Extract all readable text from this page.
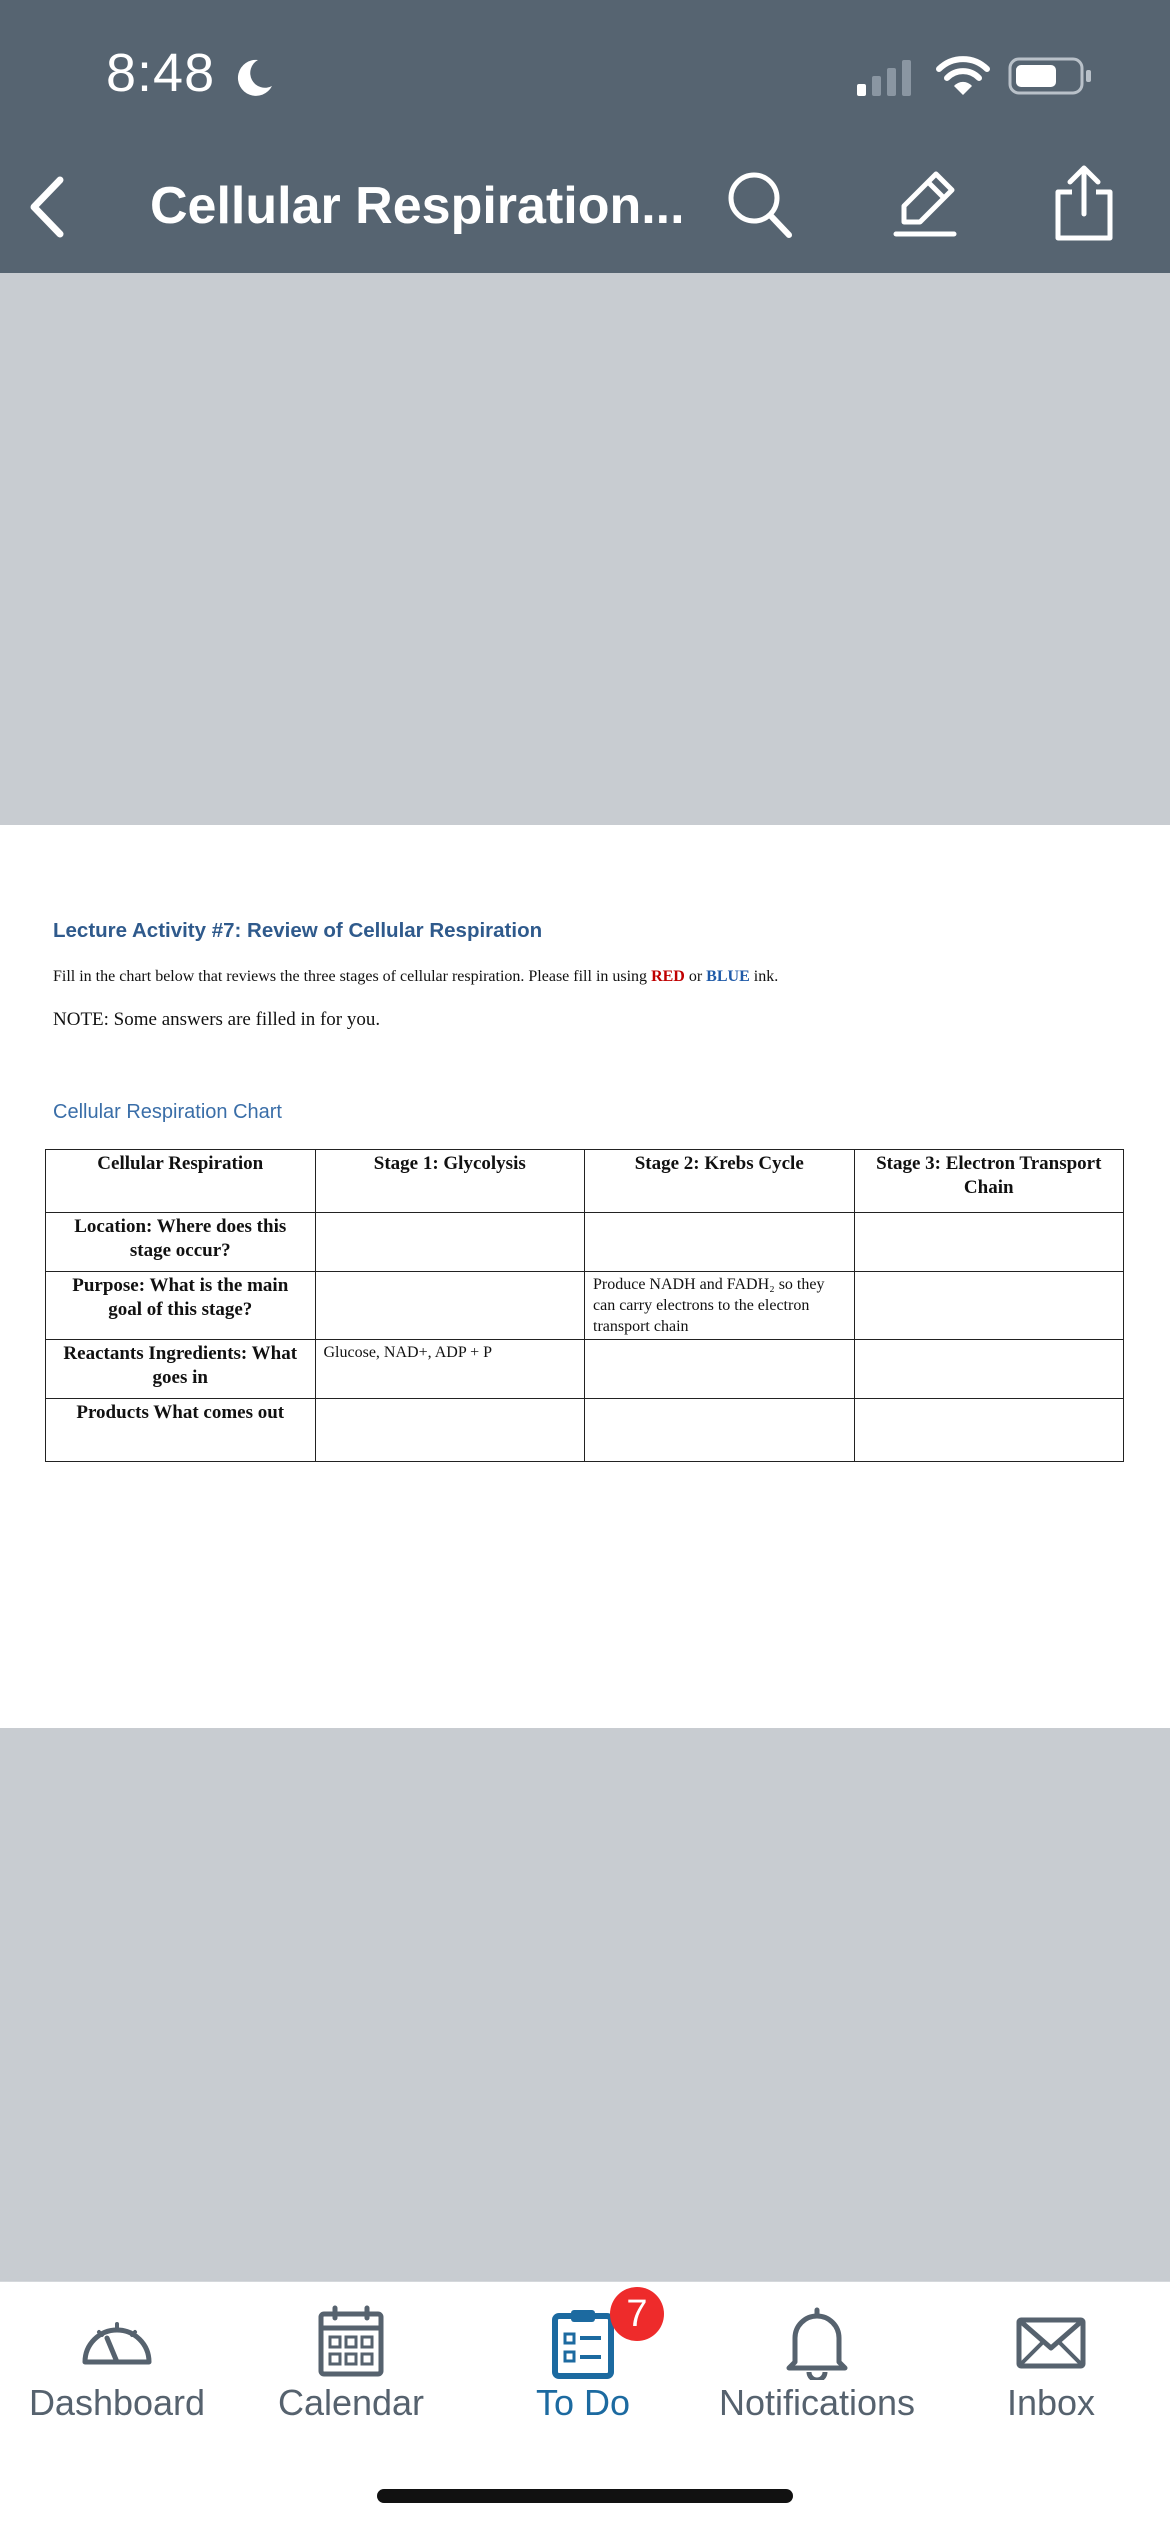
8:48
Cellular Respiration...
Lecture Activity #7: Review of Cellular Respiration
Fill in the chart below that reviews the three stages of cellular respiration. Please fill in using RED or BLUE ink.
NOTE: Some answers are filled in for you.
Cellular Respiration Chart
Cellular Respiration	Stage 1: Glycolysis	Stage 2: Krebs Cycle	Stage 3: Electron Transport Chain
Location: Where does this stage occur?			
Purpose: What is the main goal of this stage?		Produce NADH and FADH₂ so they can carry electrons to the electron transport chain	
Reactants Ingredients: What goes in	Glucose, NAD+, ADP + P		
Products What comes out			
Dashboard	Calendar
7
To Do	Notifications	Inbox
